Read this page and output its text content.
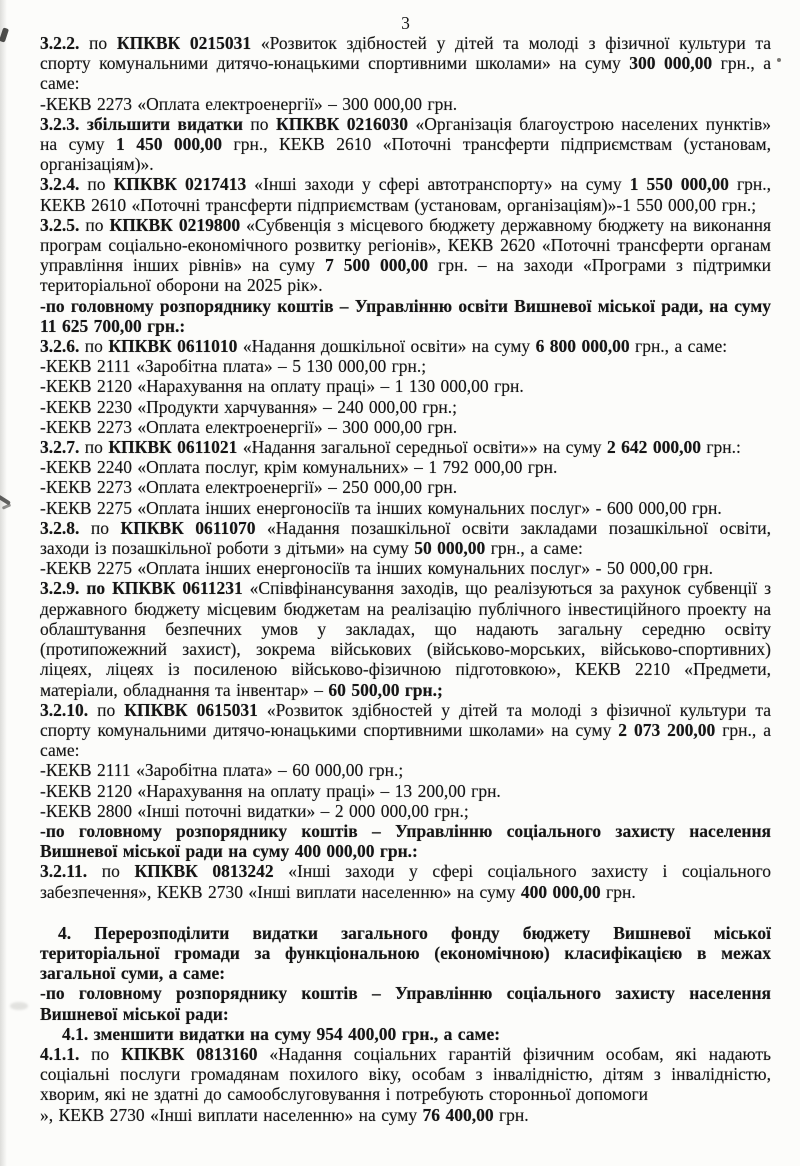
3

3.2.2. по КПКВК 0215031 «Розвиток здібностей у дітей та молоді з фізичної культури та спорту комунальними дитячо-юнацькими спортивними школами» на суму 300 000,00 грн., а саме:

-КЕКВ 2273 «Оплата електроенергії» – 300 000,00 грн.

3.2.3. збільшити видатки по КПКВК 0216030 «Організація благоустрою населених пунктів» на суму 1 450 000,00 грн., КЕКВ 2610 «Поточні трансферти підприємствам (установам, організаціям)».

3.2.4. по КПКВК 0217413 «Інші заходи у сфері автотранспорту» на суму 1 550 000,00 грн., КЕКВ 2610 «Поточні трансферти підприємствам (установам, організаціям)»-1 550 000,00 грн.;

3.2.5. по КПКВК 0219800 «Субвенція з місцевого бюджету державному бюджету на виконання програм соціально-економічного розвитку регіонів», КЕКВ 2620 «Поточні трансферти органам управління інших рівнів» на суму 7 500 000,00 грн. – на заходи «Програми з підтримки територіальної оборони на 2025 рік».

-по головному розпоряднику коштів – Управлінню освіти Вишневої міської ради, на суму 11 625 700,00 грн.:

3.2.6. по КПКВК 0611010 «Надання дошкільної освіти» на суму 6 800 000,00 грн., а саме:

-КЕКВ 2111 «Заробітна плата» – 5 130 000,00 грн.;

-КЕКВ 2120 «Нарахування на оплату праці» – 1 130 000,00 грн.

-КЕКВ 2230 «Продукти харчування» – 240 000,00 грн.;

-КЕКВ 2273 «Оплата електроенергії» – 300 000,00 грн.

3.2.7. по КПКВК 0611021 «Надання загальної середньої освіти»» на суму 2 642 000,00 грн.:

-КЕКВ 2240 «Оплата послуг, крім комунальних» – 1 792 000,00 грн.

-КЕКВ 2273 «Оплата електроенергії» – 250 000,00 грн.

-КЕКВ 2275 «Оплата інших енергоносіїв та інших комунальних послуг» - 600 000,00 грн.

3.2.8. по КПКВК 0611070 «Надання позашкільної освіти закладами позашкільної освіти, заходи із позашкільної роботи з дітьми» на суму 50 000,00 грн., а саме:

-КЕКВ 2275 «Оплата інших енергоносіїв та інших комунальних послуг» - 50 000,00 грн.

3.2.9. по КПКВК 0611231 «Співфінансування заходів, що реалізуються за рахунок субвенції з державного бюджету місцевим бюджетам на реалізацію публічного інвестиційного проекту на облаштування безпечних умов у закладах, що надають загальну середню освіту (протипожежний захист), зокрема військових (військово-морських, військово-спортивних) ліцеях, ліцеях із посиленою військово-фізичною підготовкою», КЕКВ 2210 «Предмети, матеріали, обладнання та інвентар» – 60 500,00 грн.;

3.2.10. по КПКВК 0615031 «Розвиток здібностей у дітей та молоді з фізичної культури та спорту комунальними дитячо-юнацькими спортивними школами» на суму 2 073 200,00 грн., а саме:

-КЕКВ 2111 «Заробітна плата» – 60 000,00 грн.;

-КЕКВ 2120 «Нарахування на оплату праці» – 13 200,00 грн.

-КЕКВ 2800 «Інші поточні видатки» – 2 000 000,00 грн.;

-по головному розпоряднику коштів – Управлінню соціального захисту населення Вишневої міської ради на суму 400 000,00 грн.:

3.2.11. по КПКВК 0813242 «Інші заходи у сфері соціального захисту і соціального забезпечення», КЕКВ 2730 «Інші виплати населенню» на суму 400 000,00 грн.

4. Перерозподілити видатки загального фонду бюджету Вишневої міської територіальної громади за функціональною (економічною) класифікацією в межах загальної суми, а саме:

-по головному розпоряднику коштів – Управлінню соціального захисту населення Вишневої міської ради:

4.1. зменшити видатки на суму 954 400,00 грн., а саме:

4.1.1. по КПКВК 0813160 «Надання соціальних гарантій фізичним особам, які надають соціальні послуги громадянам похилого віку, особам з інвалідністю, дітям з інвалідністю, хворим, які не здатні до самообслуговування і потребують сторонньої допомоги

», КЕКВ 2730 «Інші виплати населенню» на суму 76 400,00 грн.
